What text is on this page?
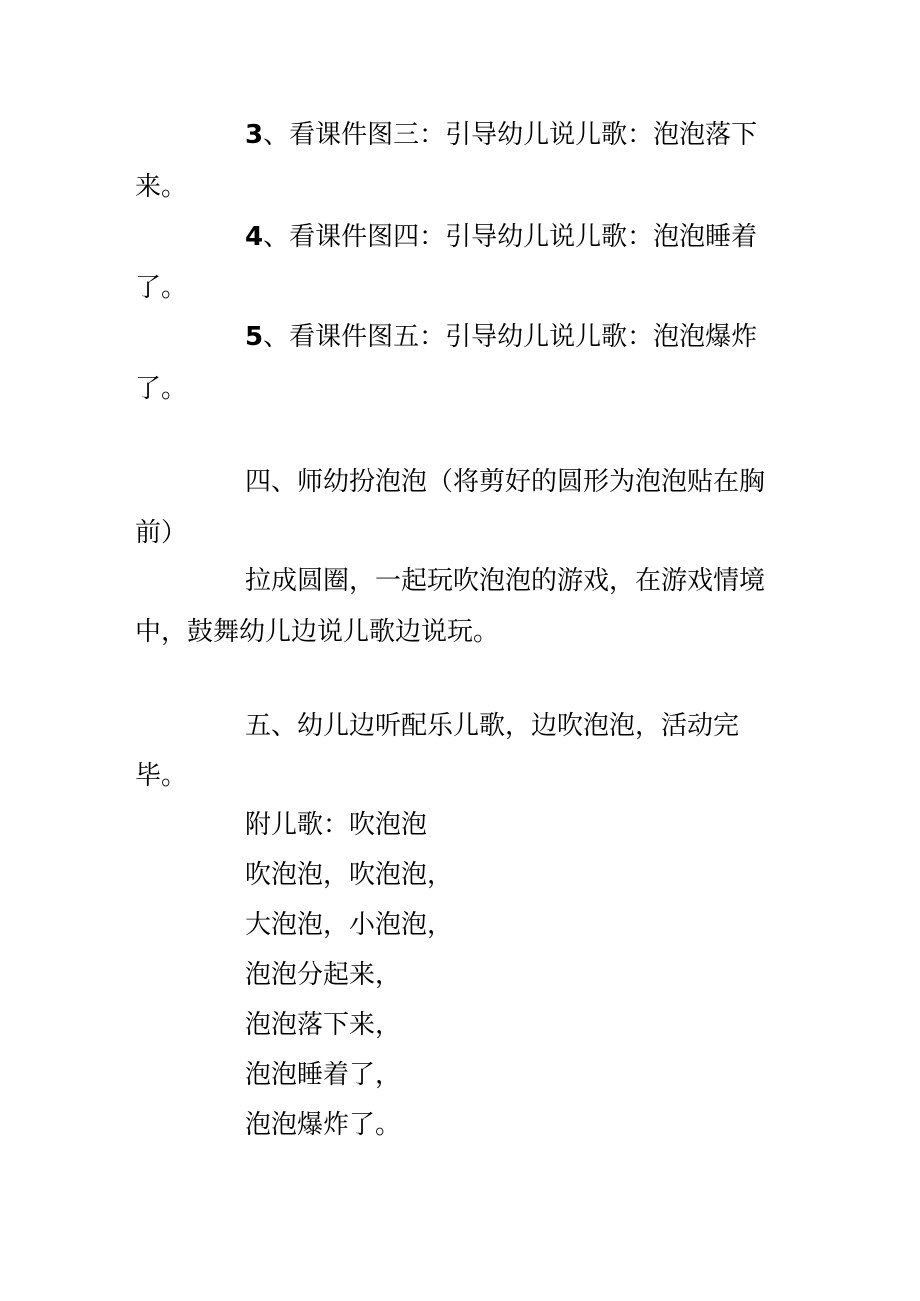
3、看课件图三：引导幼儿说儿歌：泡泡落下
来。
4、看课件图四：引导幼儿说儿歌：泡泡睡着
了。
5、看课件图五：引导幼儿说儿歌：泡泡爆炸
了。
四、师幼扮泡泡（将剪好的圆形为泡泡贴在胸
前）
拉成圆圈，一起玩吹泡泡的游戏，在游戏情境
中，鼓舞幼儿边说儿歌边说玩。
五、幼儿边听配乐儿歌，边吹泡泡，活动完
毕。
附儿歌：吹泡泡
吹泡泡，吹泡泡，
大泡泡，小泡泡，
泡泡分起来，
泡泡落下来，
泡泡睡着了，
泡泡爆炸了。
